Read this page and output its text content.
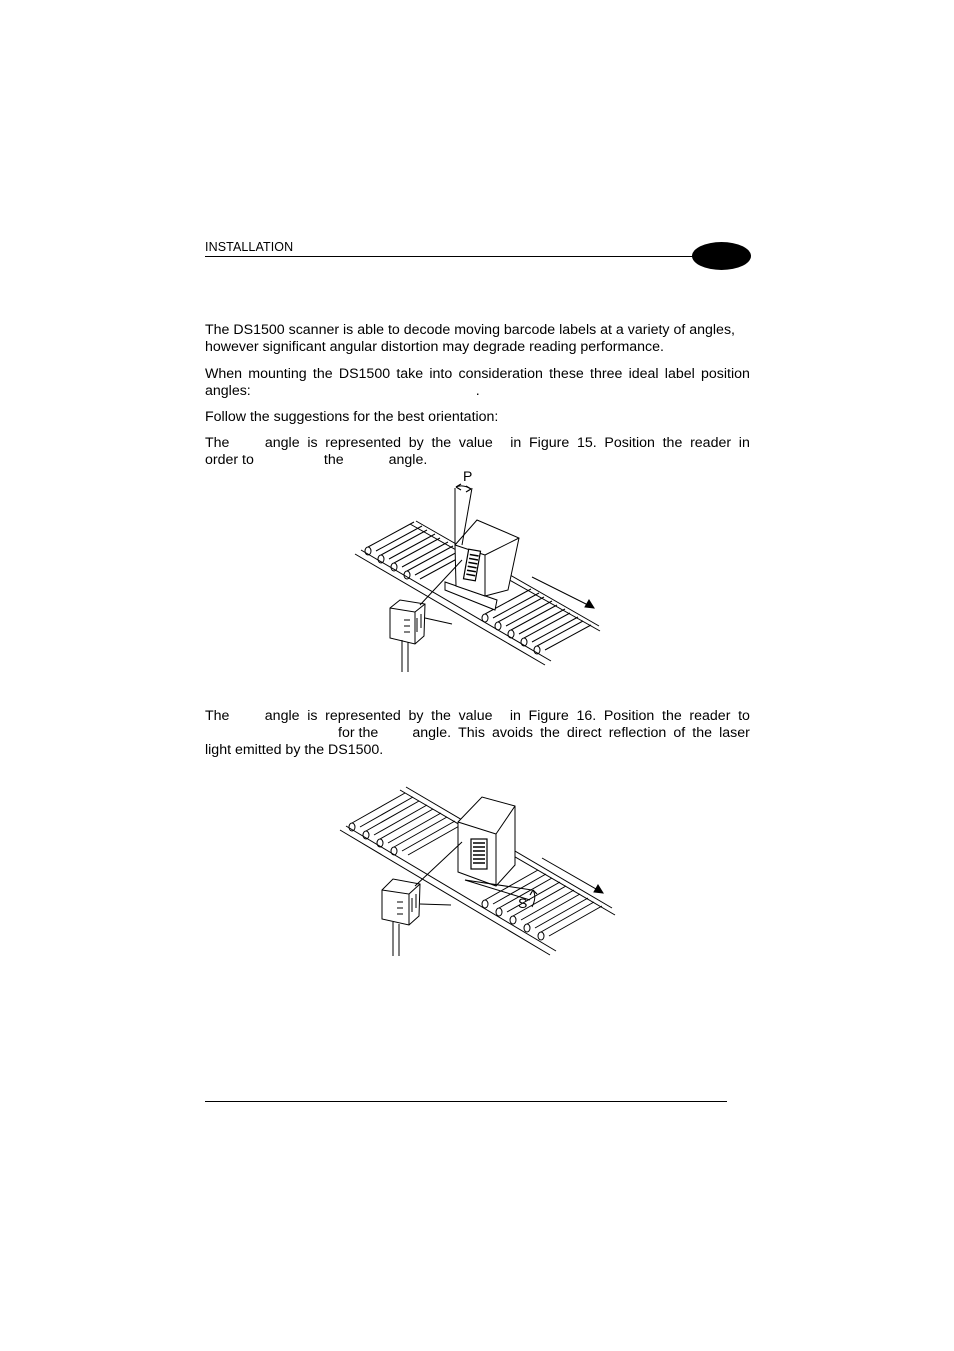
INSTALLATION
The DS1500 scanner is able to decode moving barcode labels at a variety of angles,
however significant angular distortion may degrade reading performance.
When mounting the DS1500 take into consideration these three ideal label position
angles:	.
Follow the suggestions for the best orientation:
The angle is represented by the value in Figure 15. Position the reader in
order to	the	angle.
P
The angle is represented by the value in Figure 16. Position the reader to
for the angle. This avoids the direct reflection of the laser
light emitted by the DS1500.
S
